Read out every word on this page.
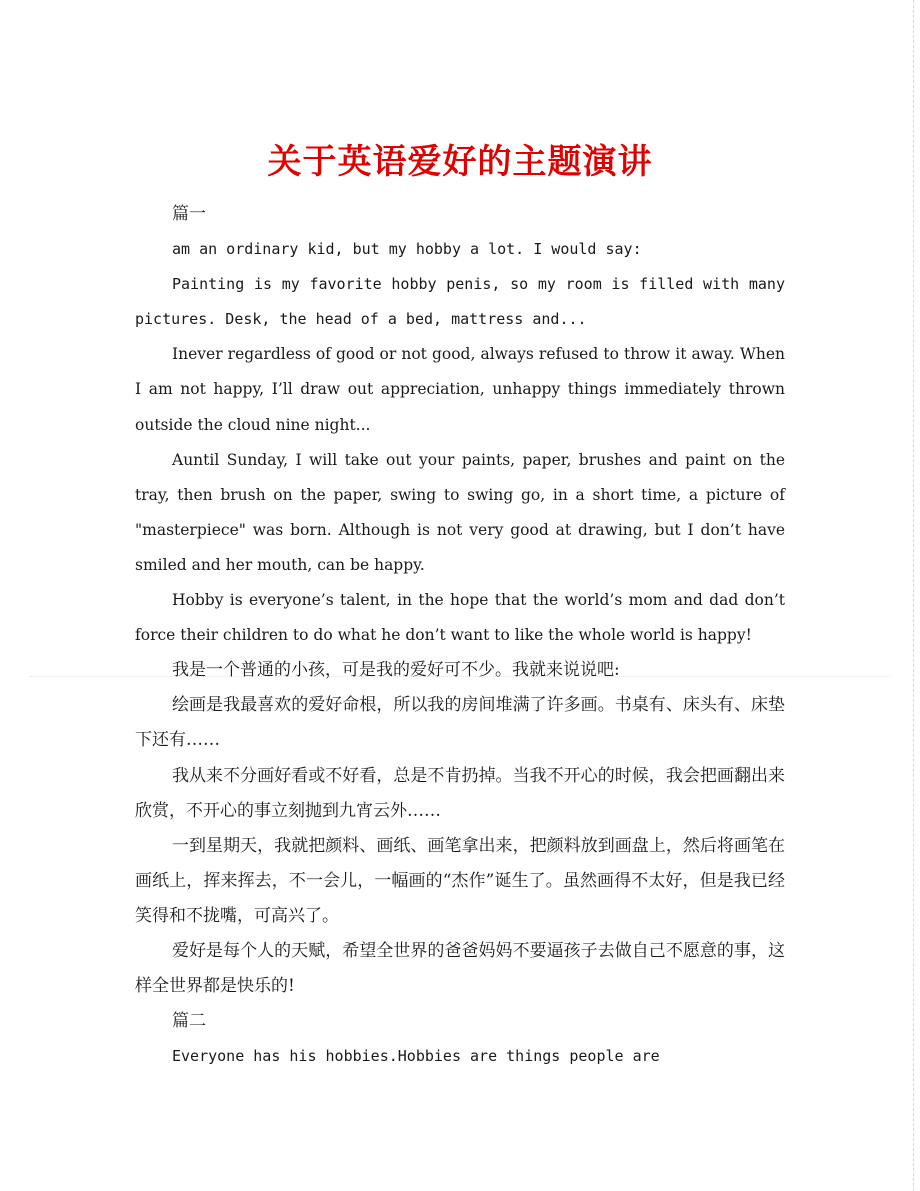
关于英语爱好的主题演讲

篇一

am an ordinary kid, but my hobby a lot. I would say:

Painting is my favorite hobby penis, so my room is filled with many pictures. Desk, the head of a bed, mattress and...

Inever regardless of good or not good, always refused to throw it away. When I am not happy, I’ll draw out appreciation, unhappy things immediately thrown outside the cloud nine night...

Auntil Sunday, I will take out your paints, paper, brushes and paint on the tray, then brush on the paper, swing to swing go, in a short time, a picture of "masterpiece" was born. Although is not very good at drawing, but I don’t have smiled and her mouth, can be happy.

Hobby is everyone’s talent, in the hope that the world’s mom and dad don’t force their children to do what he don’t want to like the whole world is happy!

我是一个普通的小孩，可是我的爱好可不少。我就来说说吧:

绘画是我最喜欢的爱好命根，所以我的房间堆满了许多画。书桌有、床头有、床垫下还有……

我从来不分画好看或不好看，总是不肯扔掉。当我不开心的时候，我会把画翻出来欣赏，不开心的事立刻抛到九宵云外……

一到星期天，我就把颜料、画纸、画笔拿出来，把颜料放到画盘上，然后将画笔在画纸上，挥来挥去，不一会儿，一幅画的“杰作”诞生了。虽然画得不太好，但是我已经笑得和不拢嘴，可高兴了。

爱好是每个人的天赋，希望全世界的爸爸妈妈不要逼孩子去做自己不愿意的事，这样全世界都是快乐的!

篇二

Everyone has his hobbies.Hobbies are things people are
